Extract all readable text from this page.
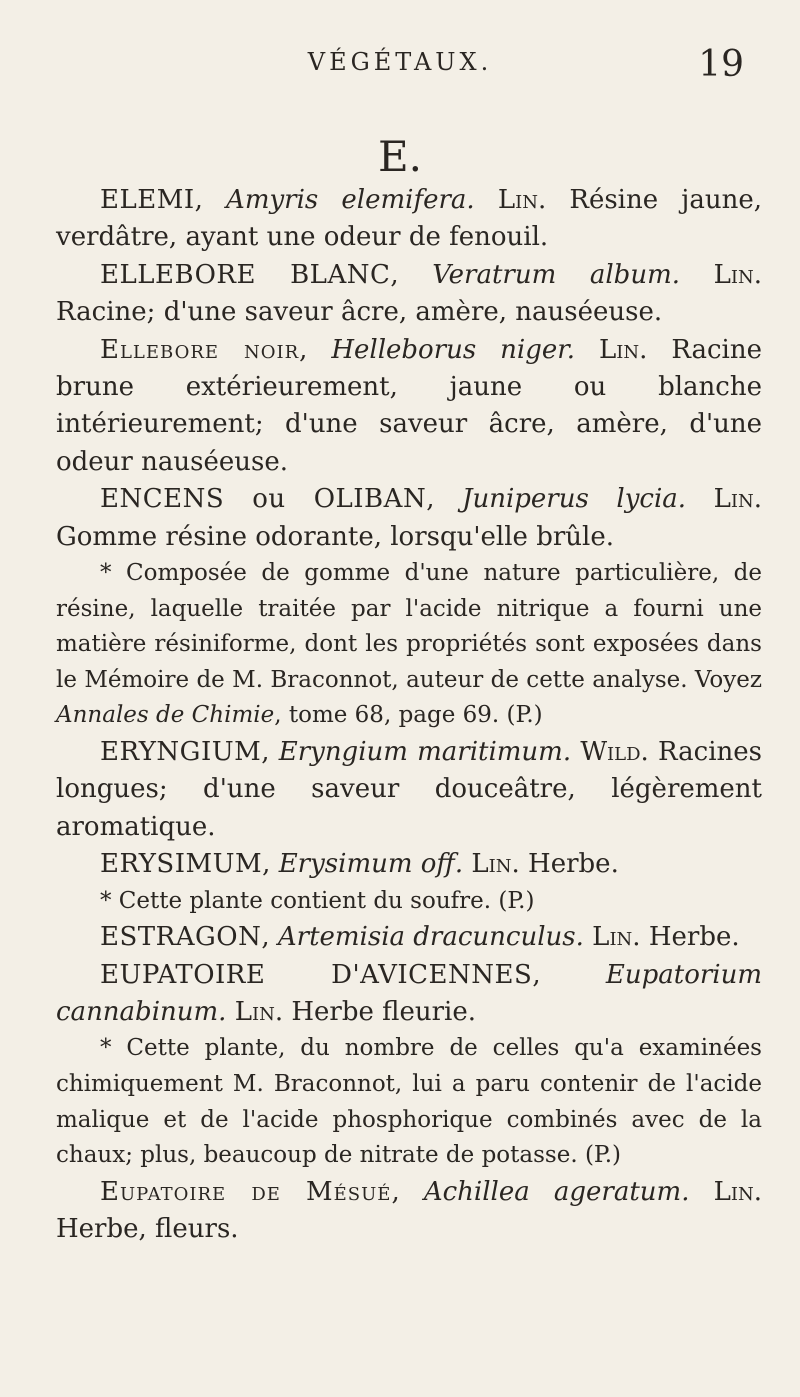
VÉGÉTAUX.	19
E.

ELEMI, Amyris elemifera. Lin. Résine jaune, verdâtre, ayant une odeur de fenouil.

ELLEBORE BLANC, Veratrum album. Lin. Racine; d'une saveur âcre, amère, nauséeuse.

Ellebore noir, Helleborus niger. Lin. Racine brune extérieurement, jaune ou blanche intérieurement; d'une saveur âcre, amère, d'une odeur nauséeuse.

ENCENS ou OLIBAN, Juniperus lycia. Lin. Gomme résine odorante, lorsqu'elle brûle.

* Composée de gomme d'une nature particulière, de résine, laquelle traitée par l'acide nitrique a fourni une matière résiniforme, dont les propriétés sont exposées dans le Mémoire de M. Braconnot, auteur de cette analyse. Voyez Annales de Chimie, tome 68, page 69. (P.)

ERYNGIUM, Eryngium maritimum. Wild. Racines longues; d'une saveur douceâtre, légèrement aromatique.

ERYSIMUM, Erysimum off. Lin. Herbe.

* Cette plante contient du soufre. (P.)

ESTRAGON, Artemisia dracunculus. Lin. Herbe.

EUPATOIRE D'AVICENNES, Eupatorium cannabinum. Lin. Herbe fleurie.

* Cette plante, du nombre de celles qu'a examinées chimiquement M. Braconnot, lui a paru contenir de l'acide malique et de l'acide phosphorique combinés avec de la chaux; plus, beaucoup de nitrate de potasse. (P.)

Eupatoire de Mésué, Achillea ageratum. Lin. Herbe, fleurs.
